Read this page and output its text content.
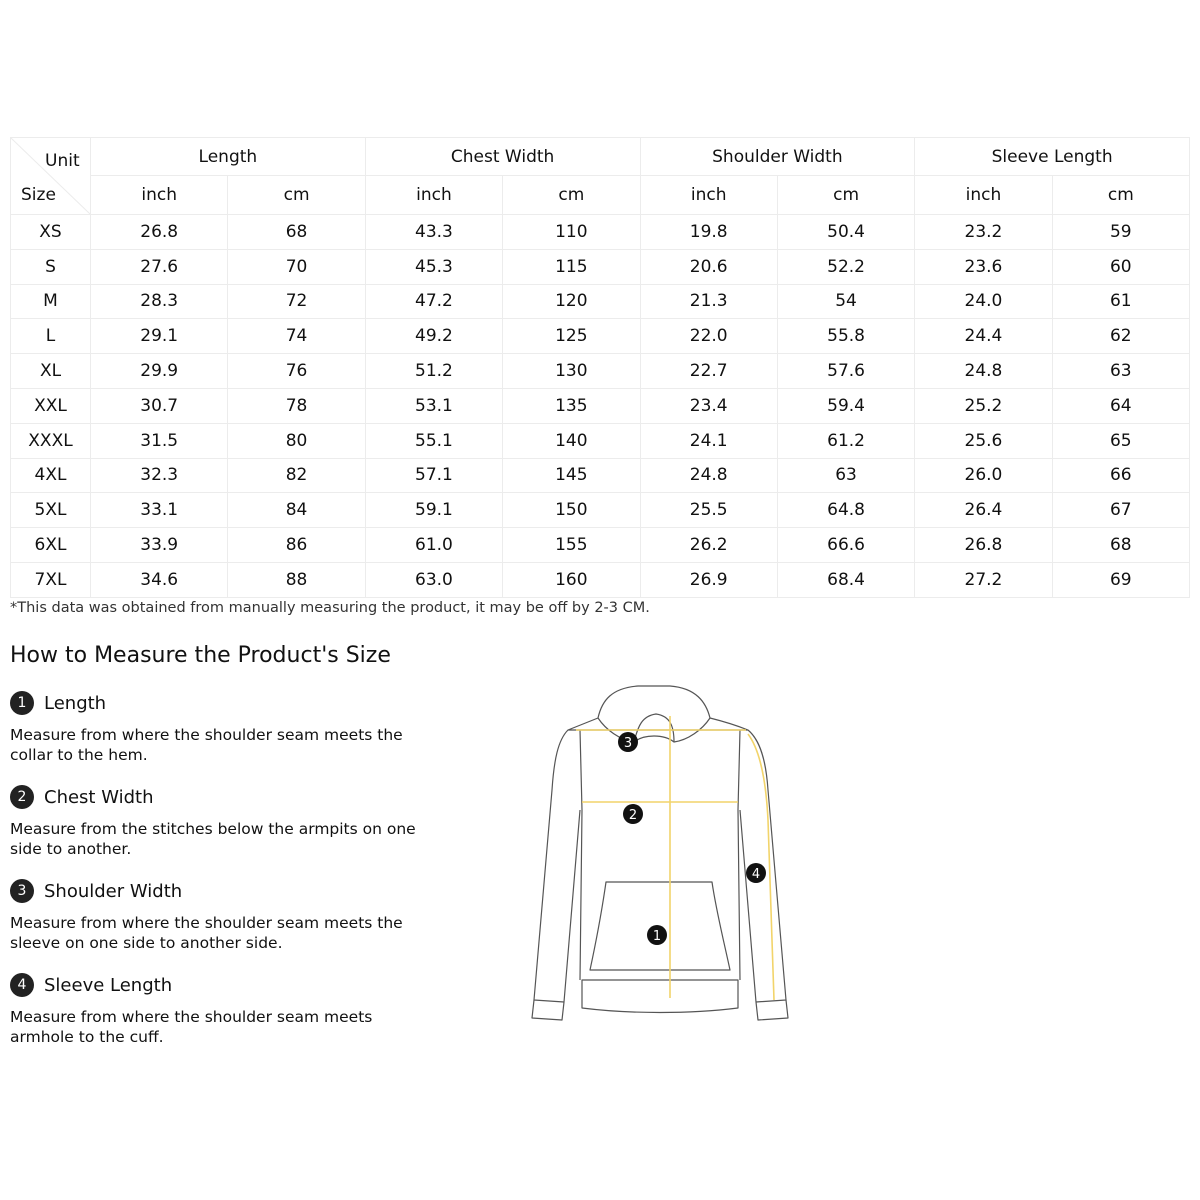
Unit
Size	Length		Chest Width		Shoulder Width		Sleeve Length	
	inch	cm	inch	cm	inch	cm	inch	cm
XS	26.8	68	43.3	110	19.8	50.4	23.2	59
S	27.6	70	45.3	115	20.6	52.2	23.6	60
M	28.3	72	47.2	120	21.3	54	24.0	61
L	29.1	74	49.2	125	22.0	55.8	24.4	62
XL	29.9	76	51.2	130	22.7	57.6	24.8	63
XXL	30.7	78	53.1	135	23.4	59.4	25.2	64
XXXL	31.5	80	55.1	140	24.1	61.2	25.6	65
4XL	32.3	82	57.1	145	24.8	63	26.0	66
5XL	33.1	84	59.1	150	25.5	64.8	26.4	67
6XL	33.9	86	61.0	155	26.2	66.6	26.8	68
7XL	34.6	88	63.0	160	26.9	68.4	27.2	69
*This data was obtained from manually measuring the product, it may be off by 2-3 CM.
How to Measure the Product's Size
1 Length
Measure from where the shoulder seam meets the collar to the hem.
2 Chest Width
Measure from the stitches below the armpits on one side to another.
3 Shoulder Width
Measure from where the shoulder seam meets the sleeve on one side to another side.
4 Sleeve Length
Measure from where the shoulder seam meets armhole to the cuff.
1
2
3
4
